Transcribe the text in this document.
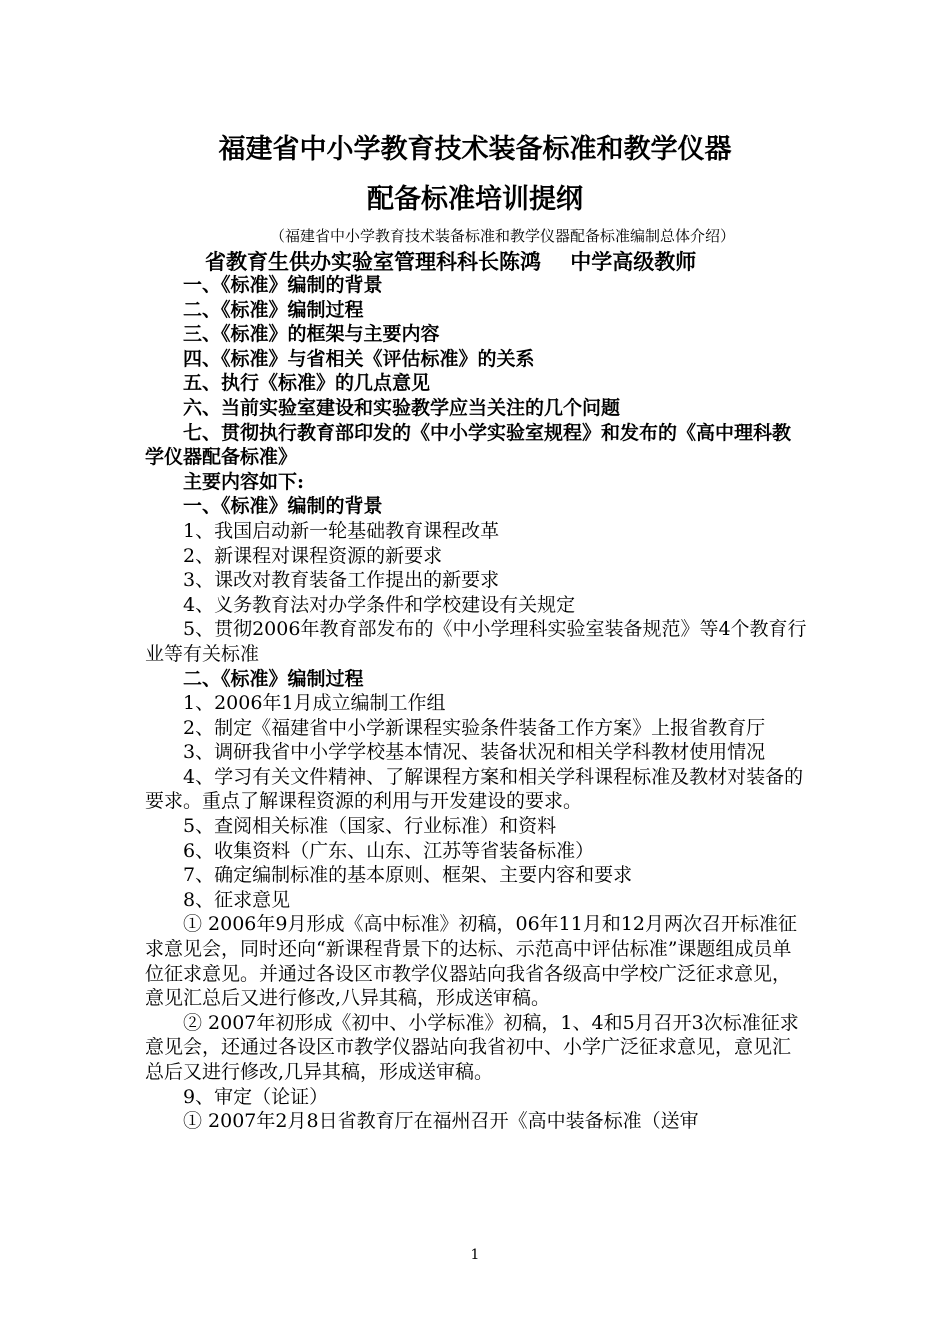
福建省中小学教育技术装备标准和教学仪器
配备标准培训提纲
（福建省中小学教育技术装备标准和教学仪器配备标准编制总体介绍）
省教育生供办实验室管理科科长陈鸿    中学高级教师

一、《标准》编制的背景

二、《标准》编制过程

三、《标准》的框架与主要内容

四、《标准》与省相关《评估标准》的关系

五、执行《标准》的几点意见

六、当前实验室建设和实验教学应当关注的几个问题

七、贯彻执行教育部印发的《中小学实验室规程》和发布的《高中理科教学仪器配备标准》

主要内容如下:

一、《标准》编制的背景

1、我国启动新一轮基础教育课程改革

2、新课程对课程资源的新要求

3、课改对教育装备工作提出的新要求

4、义务教育法对办学条件和学校建设有关规定

5、贯彻2006年教育部发布的《中小学理科实验室装备规范》等4个教育行业等有关标准

二、《标准》编制过程

1、2006年1月成立编制工作组

2、制定《福建省中小学新课程实验条件装备工作方案》上报省教育厅

3、调研我省中小学学校基本情况、装备状况和相关学科教材使用情况

4、学习有关文件精神、了解课程方案和相关学科课程标准及教材对装备的要求。重点了解课程资源的利用与开发建设的要求。

5、查阅相关标准（国家、行业标准）和资料

6、收集资料（广东、山东、江苏等省装备标准）

7、确定编制标准的基本原则、框架、主要内容和要求

8、征求意见

① 2006年9月形成《高中标准》初稿，06年11月和12月两次召开标准征求意见会，同时还向“新课程背景下的达标、示范高中评估标准”课题组成员单位征求意见。并通过各设区市教学仪器站向我省各级高中学校广泛征求意见，意见汇总后又进行修改,八异其稿，形成送审稿。

② 2007年初形成《初中、小学标准》初稿，1、4和5月召开3次标准征求意见会，还通过各设区市教学仪器站向我省初中、小学广泛征求意见，意见汇总后又进行修改,几异其稿，形成送审稿。

9、审定（论证）

① 2007年2月8日省教育厅在福州召开《高中装备标准（送审

1
